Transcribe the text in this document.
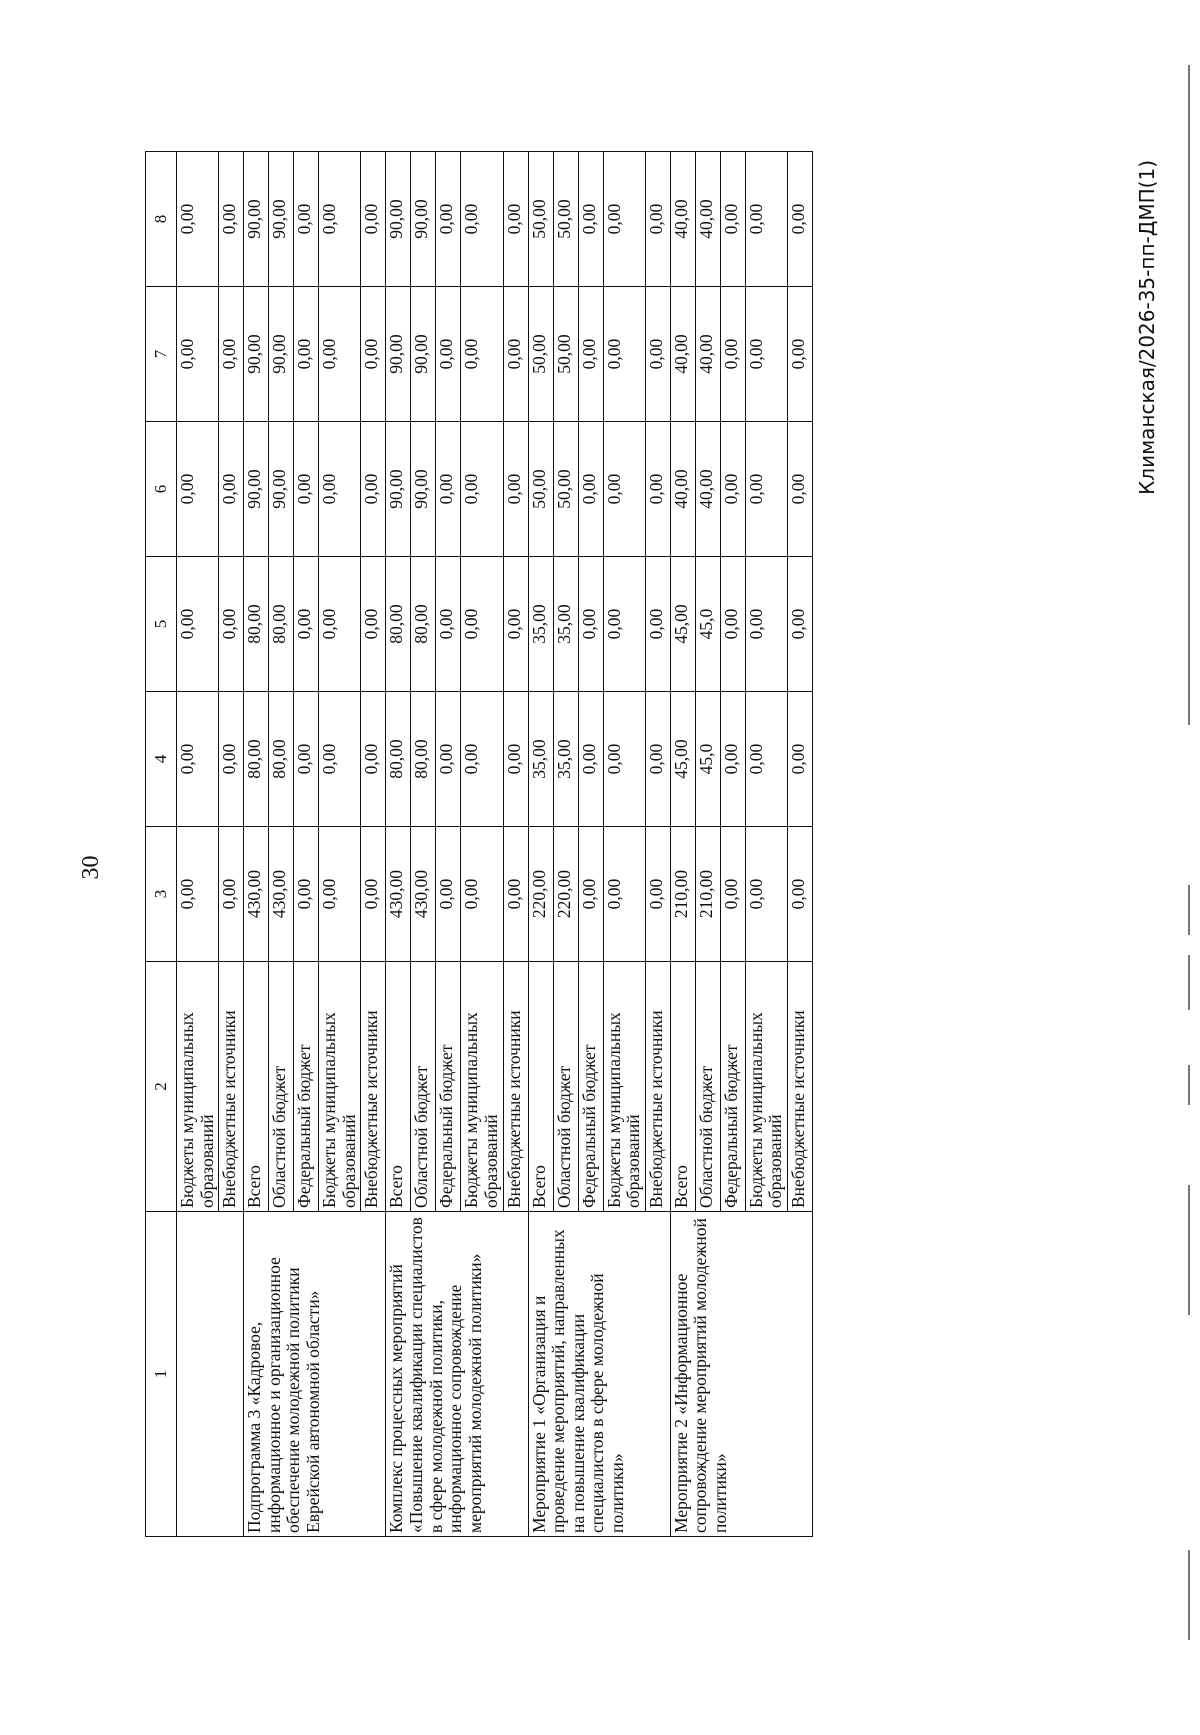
30
1	2	3	4	5	6	7	8
	Бюджеты муниципальных образований	0,00	0,00	0,00	0,00	0,00	0,00
	Внебюджетные источники	0,00	0,00	0,00	0,00	0,00	0,00
Подпрограмма 3 «Кадровое, информационное и организационное обеспечение молодежной политики Еврейской автономной области»	Всего	430,00	80,00	80,00	90,00	90,00	90,00
	Областной бюджет	430,00	80,00	80,00	90,00	90,00	90,00
	Федеральный бюджет	0,00	0,00	0,00	0,00	0,00	0,00
	Бюджеты муниципальных образований	0,00	0,00	0,00	0,00	0,00	0,00
	Внебюджетные источники	0,00	0,00	0,00	0,00	0,00	0,00
Комплекс процессных мероприятий «Повышение квалификации специалистов в сфере молодежной политики, информационное сопровождение мероприятий молодежной политики»	Всего	430,00	80,00	80,00	90,00	90,00	90,00
	Областной бюджет	430,00	80,00	80,00	90,00	90,00	90,00
	Федеральный бюджет	0,00	0,00	0,00	0,00	0,00	0,00
	Бюджеты муниципальных образований	0,00	0,00	0,00	0,00	0,00	0,00
	Внебюджетные источники	0,00	0,00	0,00	0,00	0,00	0,00
Мероприятие 1 «Организация и проведение мероприятий, направленных на повышение квалификации специалистов в сфере молодежной политики»	Всего	220,00	35,00	35,00	50,00	50,00	50,00
	Областной бюджет	220,00	35,00	35,00	50,00	50,00	50,00
	Федеральный бюджет	0,00	0,00	0,00	0,00	0,00	0,00
	Бюджеты муниципальных образований	0,00	0,00	0,00	0,00	0,00	0,00
	Внебюджетные источники	0,00	0,00	0,00	0,00	0,00	0,00
Мероприятие 2 «Информационное сопровождение мероприятий молодежной политики»	Всего	210,00	45,00	45,00	40,00	40,00	40,00
	Областной бюджет	210,00	45,0	45,0	40,00	40,00	40,00
	Федеральный бюджет	0,00	0,00	0,00	0,00	0,00	0,00
	Бюджеты муниципальных образований	0,00	0,00	0,00	0,00	0,00	0,00
	Внебюджетные источники	0,00	0,00	0,00	0,00	0,00	0,00	Климанская/2026-35-пп-ДМП(1)
